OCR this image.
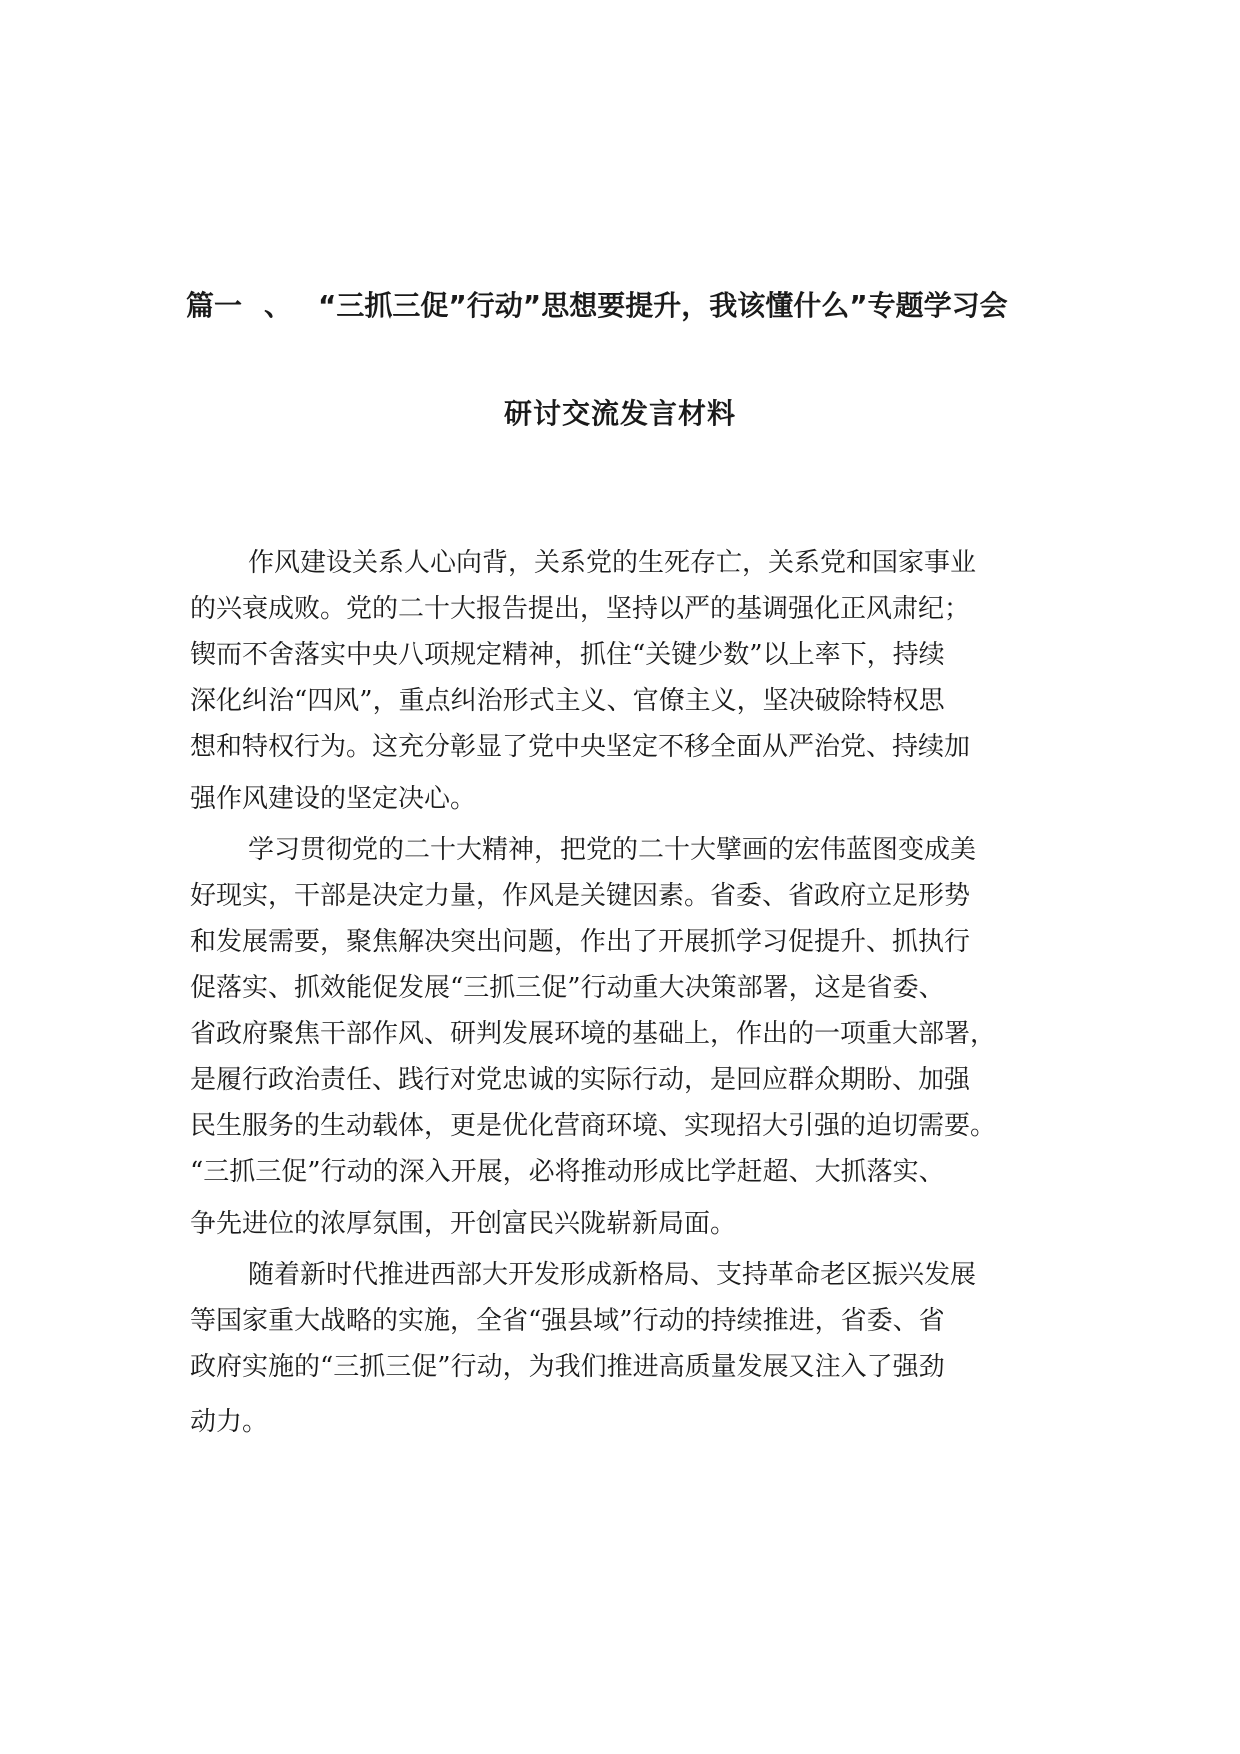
篇一 、 “三抓三促”行动”思想要提升，我该懂什么”专题学习会
研讨交流发言材料
作风建设关系人心向背，关系党的生死存亡，关系党和国家事业
的兴衰成败。党的二十大报告提出，坚持以严的基调强化正风肃纪；
锲而不舍落实中央八项规定精神，抓住“关键少数”以上率下，持续
深化纠治“四风”，重点纠治形式主义、官僚主义，坚决破除特权思
想和特权行为。这充分彰显了党中央坚定不移全面从严治党、持续加
强作风建设的坚定决心。
学习贯彻党的二十大精神，把党的二十大擘画的宏伟蓝图变成美
好现实，干部是决定力量，作风是关键因素。省委、省政府立足形势
和发展需要，聚焦解决突出问题，作出了开展抓学习促提升、抓执行
促落实、抓效能促发展“三抓三促”行动重大决策部署，这是省委、
省政府聚焦干部作风、研判发展环境的基础上，作出的一项重大部署，
是履行政治责任、践行对党忠诚的实际行动，是回应群众期盼、加强
民生服务的生动载体，更是优化营商环境、实现招大引强的迫切需要。
“三抓三促”行动的深入开展，必将推动形成比学赶超、大抓落实、
争先进位的浓厚氛围，开创富民兴陇崭新局面。
随着新时代推进西部大开发形成新格局、支持革命老区振兴发展
等国家重大战略的实施，全省“强县域”行动的持续推进，省委、省
政府实施的“三抓三促”行动，为我们推进高质量发展又注入了强劲
动力。
